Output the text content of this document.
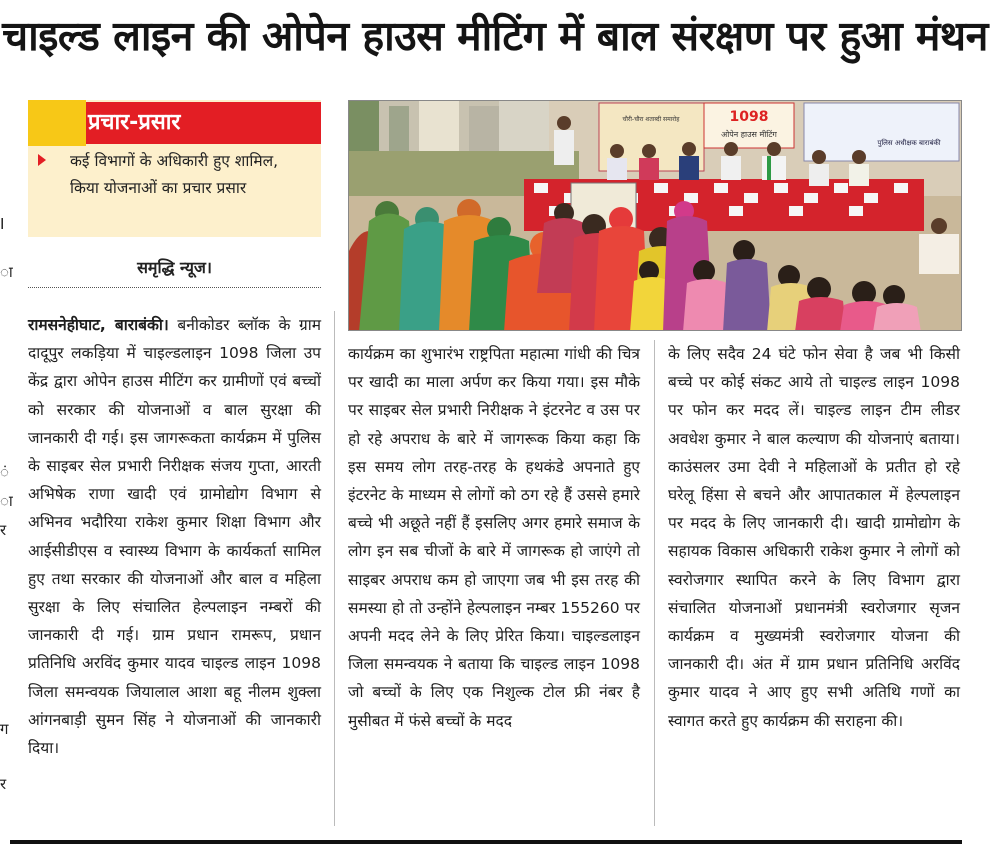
चाइल्ड लाइन की ओपेन हाउस मीटिंग में बाल संरक्षण पर हुआ मंथन
I
ा
ं
ा
र
ग
र
प्रचार-प्रसार
कई विभागों के अधिकारी हुए शामिल, किया योजनाओं का प्रचार प्रसार
समृद्धि न्यूज।
रामसनेहीघाट, बाराबंकी। बनीकोडर ब्लॉक के ग्राम दादूपुर लकड़िया में चाइल्डलाइन 1098 जिला उप केंद्र द्वारा ओपेन हाउस मीटिंग कर ग्रामीणों एवं बच्चों को सरकार की योजनाओं व बाल सुरक्षा की जानकारी दी गई। इस जागरूकता कार्यक्रम में पुलिस के साइबर सेल प्रभारी निरीक्षक संजय गुप्ता, आरती अभिषेक राणा खादी एवं ग्रामोद्योग विभाग से अभिनव भदौरिया राकेश कुमार शिक्षा विभाग और आईसीडीएस व स्वास्थ्य विभाग के कार्यकर्ता सामिल हुए तथा सरकार की योजनाओं और बाल व महिला सुरक्षा के लिए संचालित हेल्पलाइन नम्बरों की जानकारी दी गई। ग्राम प्रधान रामरूप, प्रधान प्रतिनिधि अरविंद कुमार यादव चाइल्ड लाइन 1098 जिला समन्वयक जियालाल आशा बहू नीलम शुक्ला आंगनबाड़ी सुमन सिंह ने योजनाओं की जानकारी दिया।
कार्यक्रम का शुभारंभ राष्ट्रपिता महात्मा गांधी की चित्र पर खादी का माला अर्पण कर किया गया। इस मौके पर साइबर सेल प्रभारी निरीक्षक ने इंटरनेट व उस पर हो रहे अपराध के बारे में जागरूक किया कहा कि इस समय लोग तरह-तरह के हथकंडे अपनाते हुए इंटरनेट के माध्यम से लोगों को ठग रहे हैं उससे हमारे बच्चे भी अछूते नहीं हैं इसलिए अगर हमारे समाज के लोग इन सब चीजों के बारे में जागरूक हो जाएंगे तो साइबर अपराध कम हो जाएगा जब भी इस तरह की समस्या हो तो उन्होंने हेल्पलाइन नम्बर 155260 पर अपनी मदद लेने के लिए प्रेरित किया। चाइल्डलाइन जिला समन्वयक ने बताया कि चाइल्ड लाइन 1098 जो बच्चों के लिए एक निशुल्क टोल फ्री नंबर है मुसीबत में फंसे बच्चों के मदद
के लिए सदैव 24 घंटे फोन सेवा है जब भी किसी बच्चे पर कोई संकट आये तो चाइल्ड लाइन 1098 पर फोन कर मदद लें। चाइल्ड लाइन टीम लीडर अवधेश कुमार ने बाल कल्याण की योजनाएं बताया। काउंसलर उमा देवी ने महिलाओं के प्रतीत हो रहे घरेलू हिंसा से बचने और आपातकाल में हेल्पलाइन पर मदद के लिए जानकारी दी। खादी ग्रामोद्योग के सहायक विकास अधिकारी राकेश कुमार ने लोगों को स्वरोजगार स्थापित करने के लिए विभाग द्वारा संचालित योजनाओं प्रधानमंत्री स्वरोजगार सृजन कार्यक्रम व मुख्यमंत्री स्वरोजगार योजना की जानकारी दी। अंत में ग्राम प्रधान प्रतिनिधि अरविंद कुमार यादव ने आए हुए सभी अतिथि गणों का स्वागत करते हुए कार्यक्रम की सराहना की।
1098
ओपेन हाउस मीटिंग
चौरी-चौरा शताब्दी समारोह
पुलिस अधीक्षक बाराबंकी
